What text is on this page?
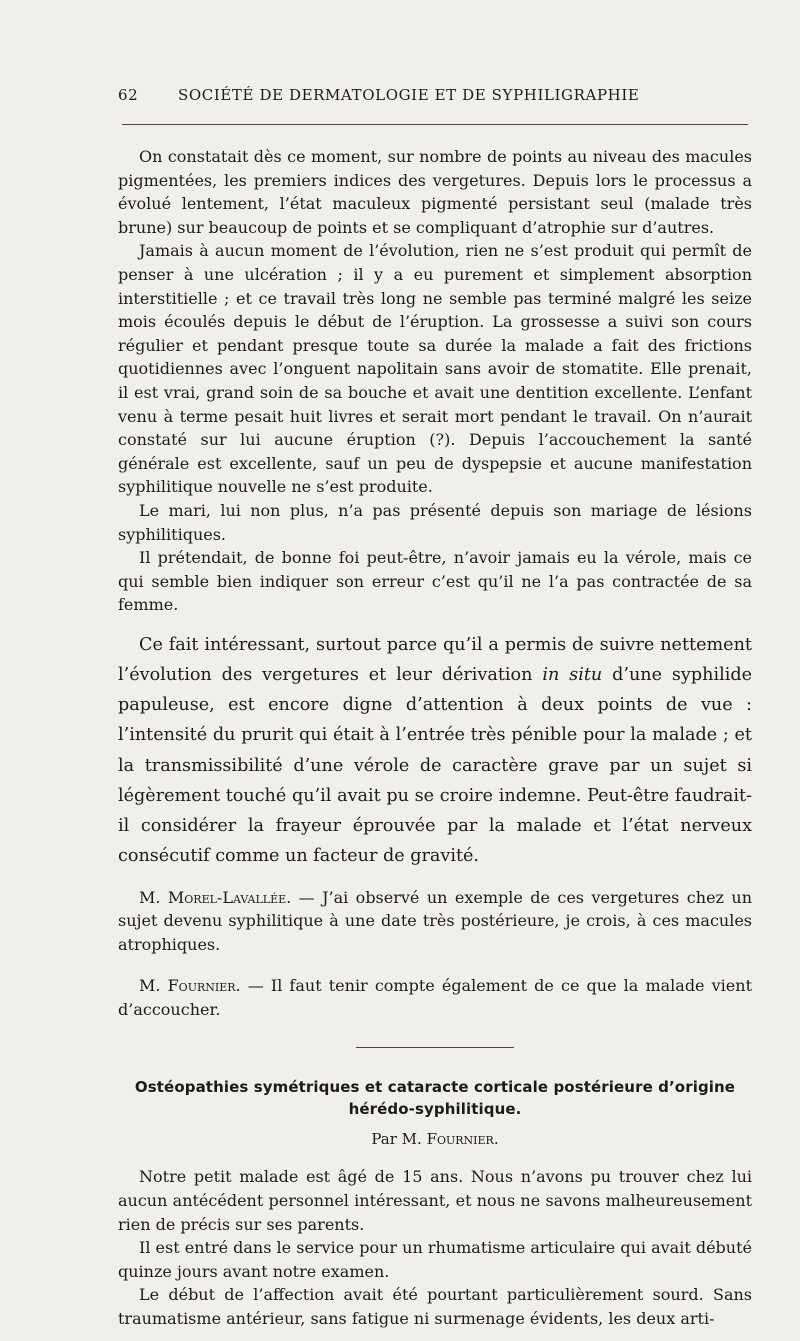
62	SOCIÉTÉ DE DERMATOLOGIE ET DE SYPHILIGRAPHIE

On constatait dès ce moment, sur nombre de points au niveau des macules pigmentées, les premiers indices des vergetures. Depuis lors le processus a évolué lentement, l’état maculeux pigmenté persistant seul (malade très brune) sur beaucoup de points et se compliquant d’atrophie sur d’autres.

Jamais à aucun moment de l’évolution, rien ne s’est produit qui permît de penser à une ulcération ; il y a eu purement et simplement absorption interstitielle ; et ce travail très long ne semble pas terminé malgré les seize mois écoulés depuis le début de l’éruption. La grossesse a suivi son cours régulier et pendant presque toute sa durée la malade a fait des frictions quotidiennes avec l’onguent napolitain sans avoir de stomatite. Elle prenait, il est vrai, grand soin de sa bouche et avait une dentition excellente. L’enfant venu à terme pesait huit livres et serait mort pendant le travail. On n’aurait constaté sur lui aucune éruption (?). Depuis l’accouchement la santé générale est excellente, sauf un peu de dyspepsie et aucune manifestation syphilitique nouvelle ne s’est produite.

Le mari, lui non plus, n’a pas présenté depuis son mariage de lésions syphilitiques.

Il prétendait, de bonne foi peut-être, n’avoir jamais eu la vérole, mais ce qui semble bien indiquer son erreur c’est qu’il ne l’a pas contractée de sa femme.

Ce fait intéressant, surtout parce qu’il a permis de suivre nettement l’évolution des vergetures et leur dérivation in situ d’une syphilide papuleuse, est encore digne d’attention à deux points de vue : l’intensité du prurit qui était à l’entrée très pénible pour la malade ; et la transmissibilité d’une vérole de caractère grave par un sujet si légèrement touché qu’il avait pu se croire indemne. Peut-être faudrait-il considérer la frayeur éprouvée par la malade et l’état nerveux consécutif comme un facteur de gravité.

M. Morel-Lavallée. — J’ai observé un exemple de ces vergetures chez un sujet devenu syphilitique à une date très postérieure, je crois, à ces macules atrophiques.

M. Fournier. — Il faut tenir compte également de ce que la malade vient d’accoucher.

Ostéopathies symétriques et cataracte corticale postérieure d’origine
hérédo-syphilitique.
Par M. Fournier.

Notre petit malade est âgé de 15 ans. Nous n’avons pu trouver chez lui aucun antécédent personnel intéressant, et nous ne savons malheureusement rien de précis sur ses parents.

Il est entré dans le service pour un rhumatisme articulaire qui avait débuté quinze jours avant notre examen.

Le début de l’affection avait été pourtant particulièrement sourd. Sans traumatisme antérieur, sans fatigue ni surmenage évidents, les deux arti-
